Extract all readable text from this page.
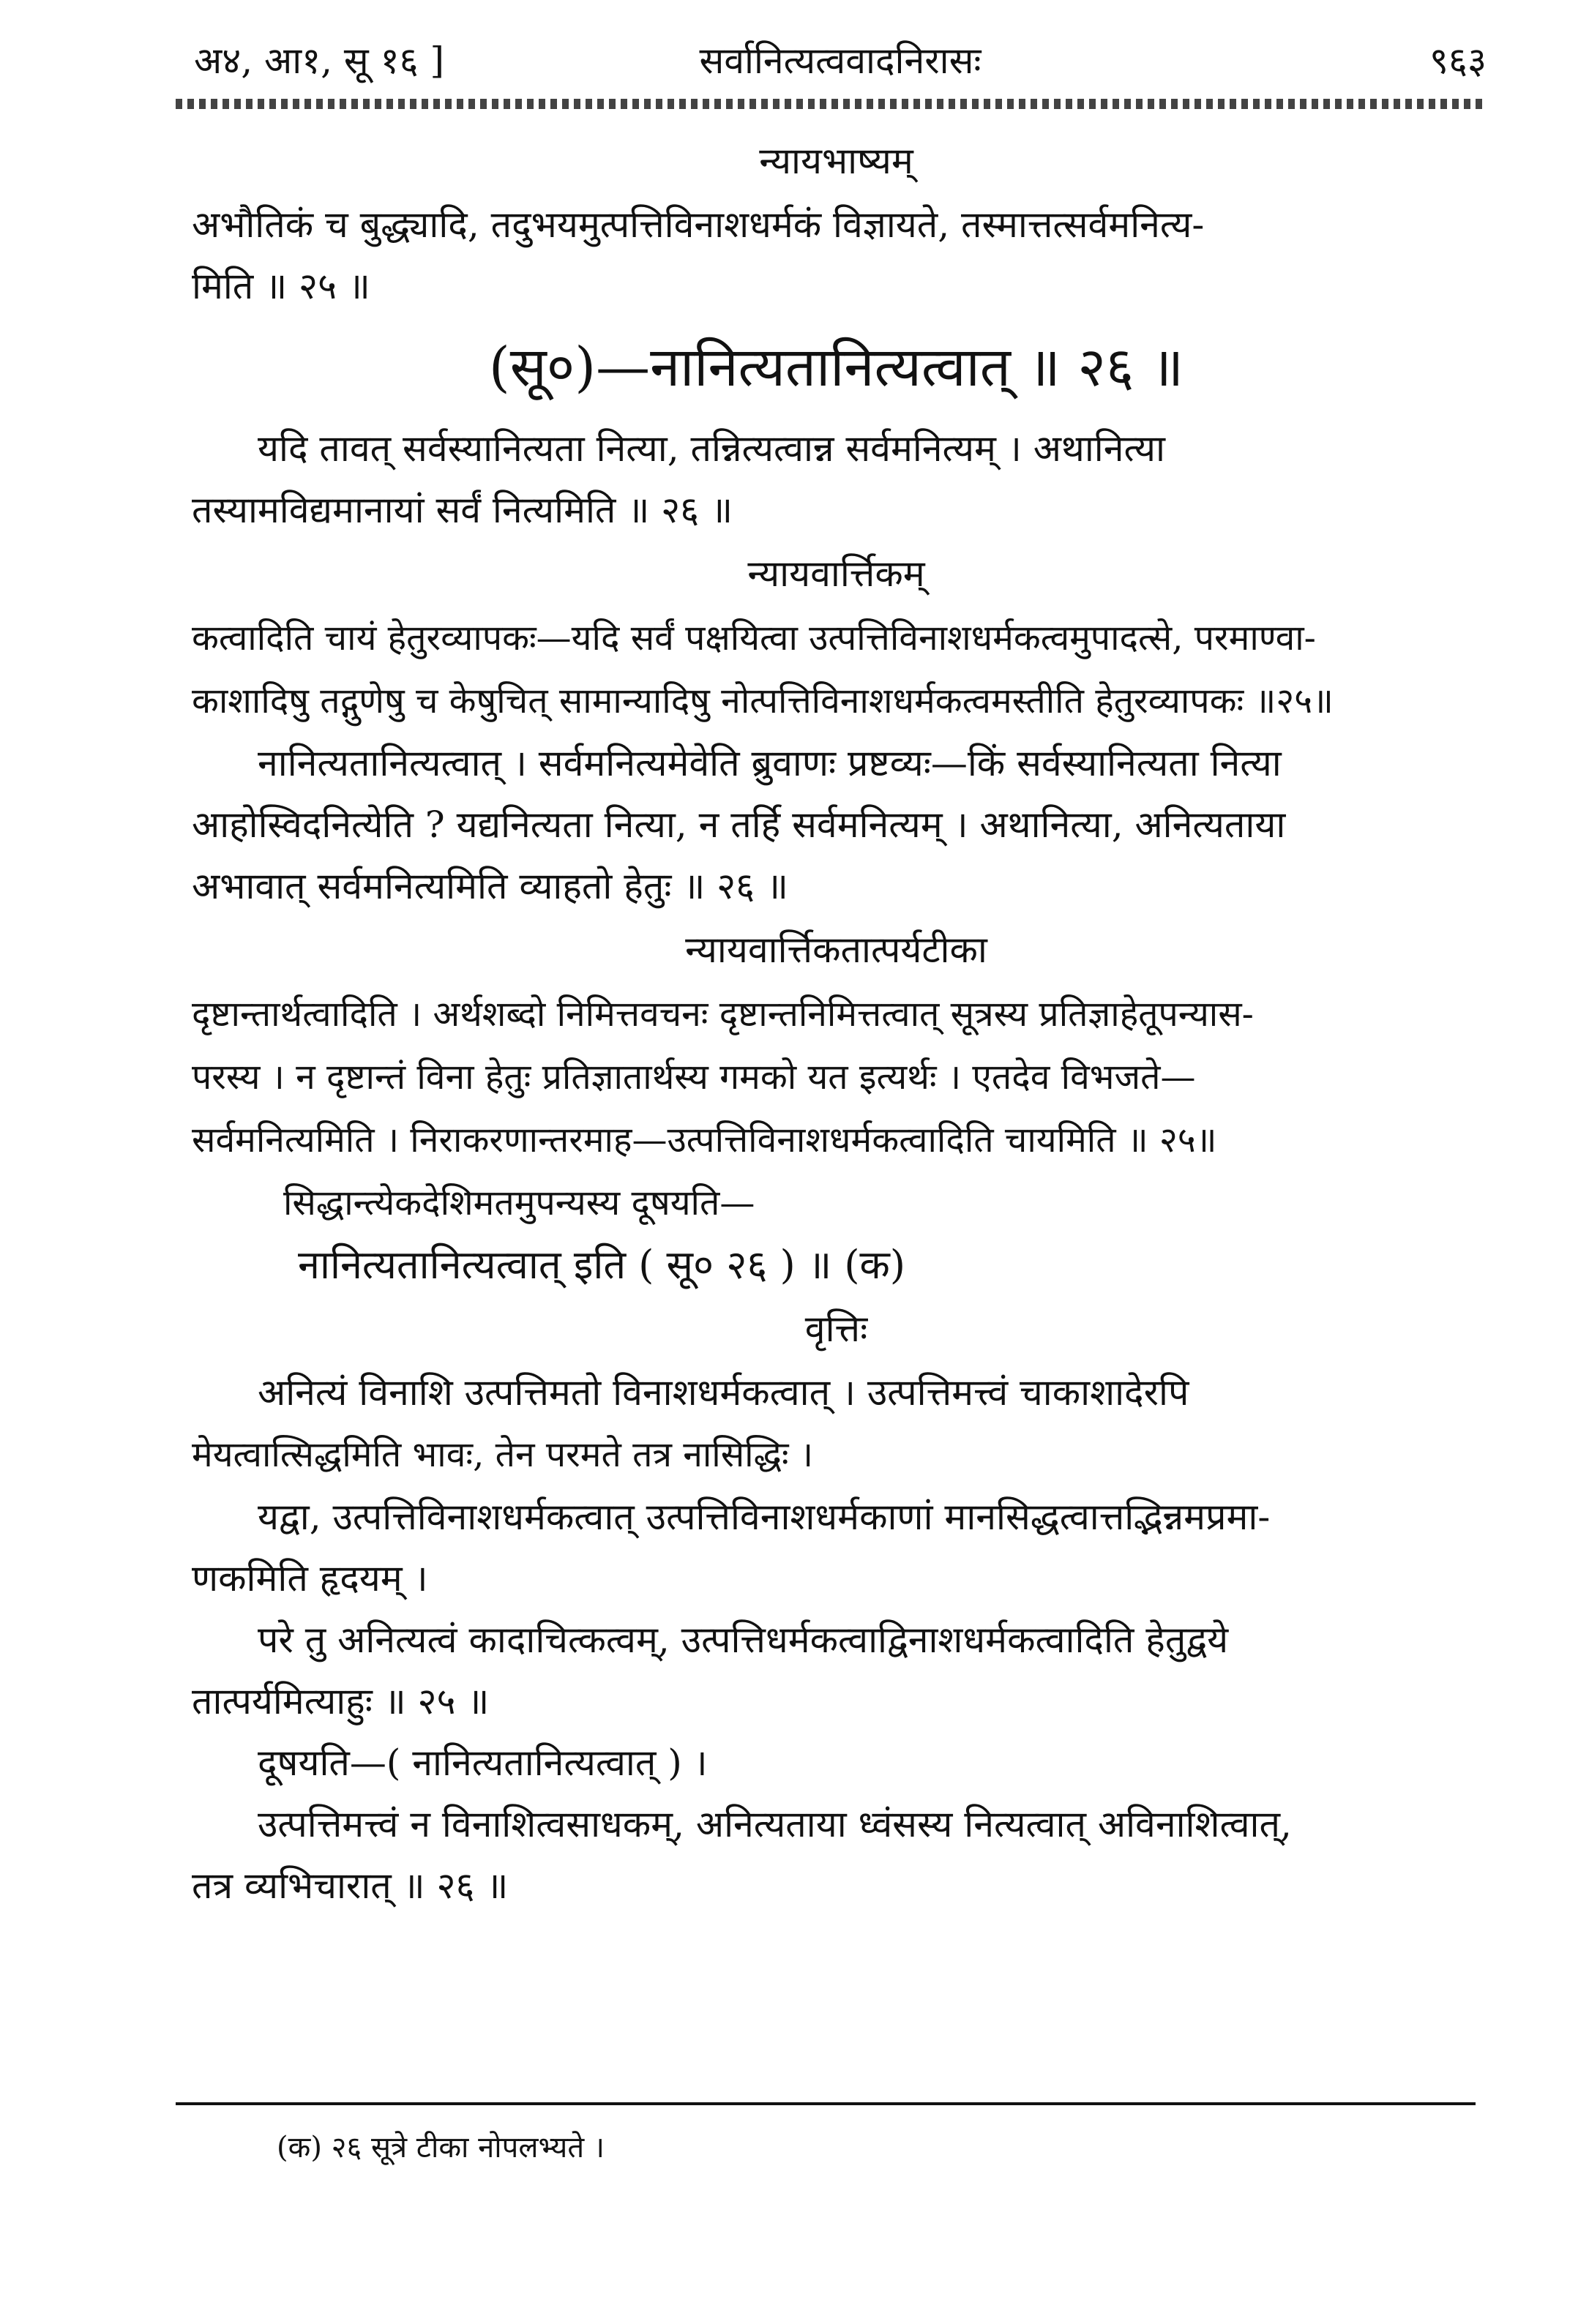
अ४, आ१, सू १६ ]	सर्वानित्यत्ववादनिरासः	९६३
न्यायभाष्यम्
अभौतिकं च बुद्ध्यादि, तदुभयमुत्पत्तिविनाशधर्मकं विज्ञायते, तस्मात्तत्सर्वमनित्य-
मिति ॥ २५ ॥
(सू०)—नानित्यतानित्यत्वात् ॥ २६ ॥
यदि तावत् सर्वस्यानित्यता नित्या, तन्नित्यत्वान्न सर्वमनित्यम् । अथानित्या
तस्यामविद्यमानायां सर्वं नित्यमिति ॥ २६ ॥
न्यायवार्त्तिकम्
कत्वादिति चायं हेतुरव्यापकः—यदि सर्वं पक्षयित्वा उत्पत्तिविनाशधर्मकत्वमुपादत्से, परमाण्वा-
काशादिषु तद्गुणेषु च केषुचित् सामान्यादिषु नोत्पत्तिविनाशधर्मकत्वमस्तीति हेतुरव्यापकः ॥२५॥
नानित्यतानित्यत्वात् । सर्वमनित्यमेवेति ब्रुवाणः प्रष्टव्यः—किं सर्वस्यानित्यता नित्या
आहोस्विदनित्येति ? यद्यनित्यता नित्या, न तर्हि सर्वमनित्यम् । अथानित्या, अनित्यताया
अभावात् सर्वमनित्यमिति व्याहतो हेतुः ॥ २६ ॥
न्यायवार्त्तिकतात्पर्यटीका
दृष्टान्तार्थत्वादिति । अर्थशब्दो निमित्तवचनः दृष्टान्तनिमित्तत्वात् सूत्रस्य प्रतिज्ञाहेतूपन्यास-
परस्य । न दृष्टान्तं विना हेतुः प्रतिज्ञातार्थस्य गमको यत इत्यर्थः । एतदेव विभजते—
सर्वमनित्यमिति । निराकरणान्तरमाह—उत्पत्तिविनाशधर्मकत्वादिति चायमिति ॥ २५॥
सिद्धान्त्येकदेशिमतमुपन्यस्य दूषयति—
नानित्यतानित्यत्वात् इति ( सू० २६ ) ॥ (क)
वृत्तिः
अनित्यं विनाशि उत्पत्तिमतो विनाशधर्मकत्वात् । उत्पत्तिमत्त्वं चाकाशादेरपि
मेयत्वात्सिद्धमिति भावः, तेन परमते तत्र नासिद्धिः ।
यद्वा, उत्पत्तिविनाशधर्मकत्वात् उत्पत्तिविनाशधर्मकाणां मानसिद्धत्वात्तद्भिन्नमप्रमा-
णकमिति हृदयम् ।
परे तु अनित्यत्वं कादाचित्कत्वम्, उत्पत्तिधर्मकत्वाद्विनाशधर्मकत्वादिति हेतुद्वये
तात्पर्यमित्याहुः ॥ २५ ॥
दूषयति—( नानित्यतानित्यत्वात् ) ।
उत्पत्तिमत्त्वं न विनाशित्वसाधकम्, अनित्यताया ध्वंसस्य नित्यत्वात् अविनाशित्वात्,
तत्र व्यभिचारात् ॥ २६ ॥
(क) २६ सूत्रे टीका नोपलभ्यते ।
